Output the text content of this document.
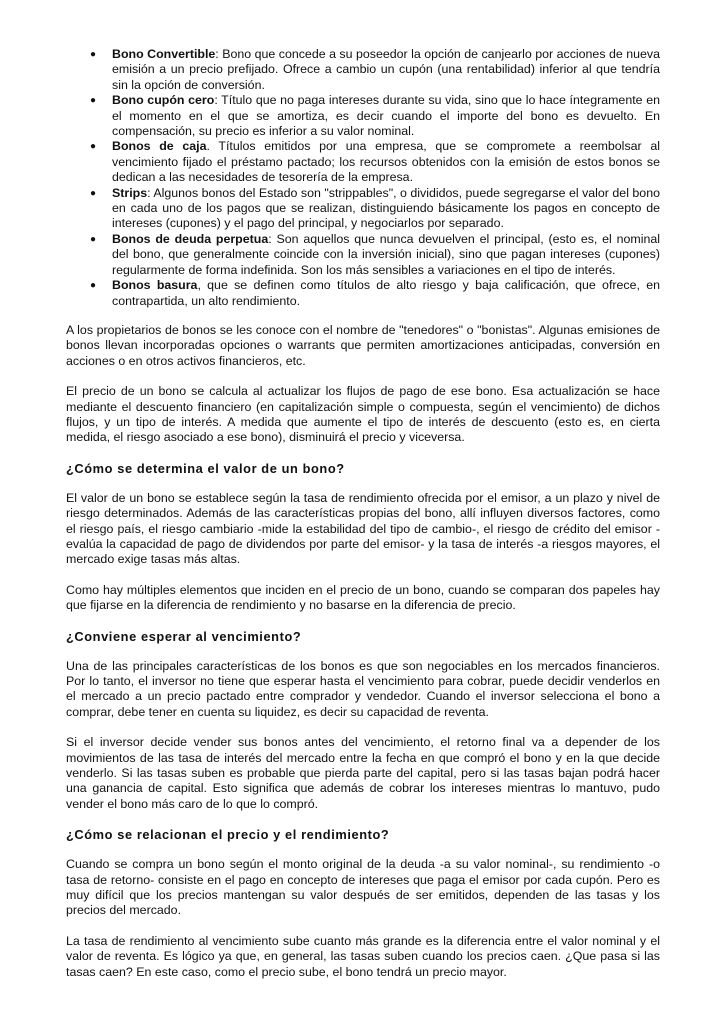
● Bono Convertible: Bono que concede a su poseedor la opción de canjearlo por acciones de nueva emisión a un precio prefijado. Ofrece a cambio un cupón (una rentabilidad) inferior al que tendría sin la opción de conversión.
● Bono cupón cero: Título que no paga intereses durante su vida, sino que lo hace íntegramente en el momento en el que se amortiza, es decir cuando el importe del bono es devuelto. En compensación, su precio es inferior a su valor nominal.
● Bonos de caja. Títulos emitidos por una empresa, que se compromete a reembolsar al vencimiento fijado el préstamo pactado; los recursos obtenidos con la emisión de estos bonos se dedican a las necesidades de tesorería de la empresa.
● Strips: Algunos bonos del Estado son "strippables", o divididos, puede segregarse el valor del bono en cada uno de los pagos que se realizan, distinguiendo básicamente los pagos en concepto de intereses (cupones) y el pago del principal, y negociarlos por separado.
● Bonos de deuda perpetua: Son aquellos que nunca devuelven el principal, (esto es, el nominal del bono, que generalmente coincide con la inversión inicial), sino que pagan intereses (cupones) regularmente de forma indefinida. Son los más sensibles a variaciones en el tipo de interés.
● Bonos basura, que se definen como títulos de alto riesgo y baja calificación, que ofrece, en contrapartida, un alto rendimiento.

A los propietarios de bonos se les conoce con el nombre de "tenedores" o "bonistas". Algunas emisiones de bonos llevan incorporadas opciones o warrants que permiten amortizaciones anticipadas, conversión en acciones o en otros activos financieros, etc.

El precio de un bono se calcula al actualizar los flujos de pago de ese bono. Esa actualización se hace mediante el descuento financiero (en capitalización simple o compuesta, según el vencimiento) de dichos flujos, y un tipo de interés. A medida que aumente el tipo de interés de descuento (esto es, en cierta medida, el riesgo asociado a ese bono), disminuirá el precio y viceversa.

¿Cómo se determina el valor de un bono?

El valor de un bono se establece según la tasa de rendimiento ofrecida por el emisor, a un plazo y nivel de riesgo determinados. Además de las características propias del bono, allí influyen diversos factores, como el riesgo país, el riesgo cambiario -mide la estabilidad del tipo de cambio-, el riesgo de crédito del emisor -evalúa la capacidad de pago de dividendos por parte del emisor- y la tasa de interés -a riesgos mayores, el mercado exige tasas más altas.

Como hay múltiples elementos que inciden en el precio de un bono, cuando se comparan dos papeles hay que fijarse en la diferencia de rendimiento y no basarse en la diferencia de precio.

¿Conviene esperar al vencimiento?

Una de las principales características de los bonos es que son negociables en los mercados financieros. Por lo tanto, el inversor no tiene que esperar hasta el vencimiento para cobrar, puede decidir venderlos en el mercado a un precio pactado entre comprador y vendedor. Cuando el inversor selecciona el bono a comprar, debe tener en cuenta su liquidez, es decir su capacidad de reventa.

Si el inversor decide vender sus bonos antes del vencimiento, el retorno final va a depender de los movimientos de las tasa de interés del mercado entre la fecha en que compró el bono y en la que decide venderlo. Si las tasas suben es probable que pierda parte del capital, pero si las tasas bajan podrá hacer una ganancia de capital. Esto significa que además de cobrar los intereses mientras lo mantuvo, pudo vender el bono más caro de lo que lo compró.

¿Cómo se relacionan el precio y el rendimiento?

Cuando se compra un bono según el monto original de la deuda -a su valor nominal-, su rendimiento -o tasa de retorno- consiste en el pago en concepto de intereses que paga el emisor por cada cupón. Pero es muy difícil que los precios mantengan su valor después de ser emitidos, dependen de las tasas y los precios del mercado.

La tasa de rendimiento al vencimiento sube cuanto más grande es la diferencia entre el valor nominal y el valor de reventa. Es lógico ya que, en general, las tasas suben cuando los precios caen. ¿Que pasa si las tasas caen? En este caso, como el precio sube, el bono tendrá un precio mayor.
